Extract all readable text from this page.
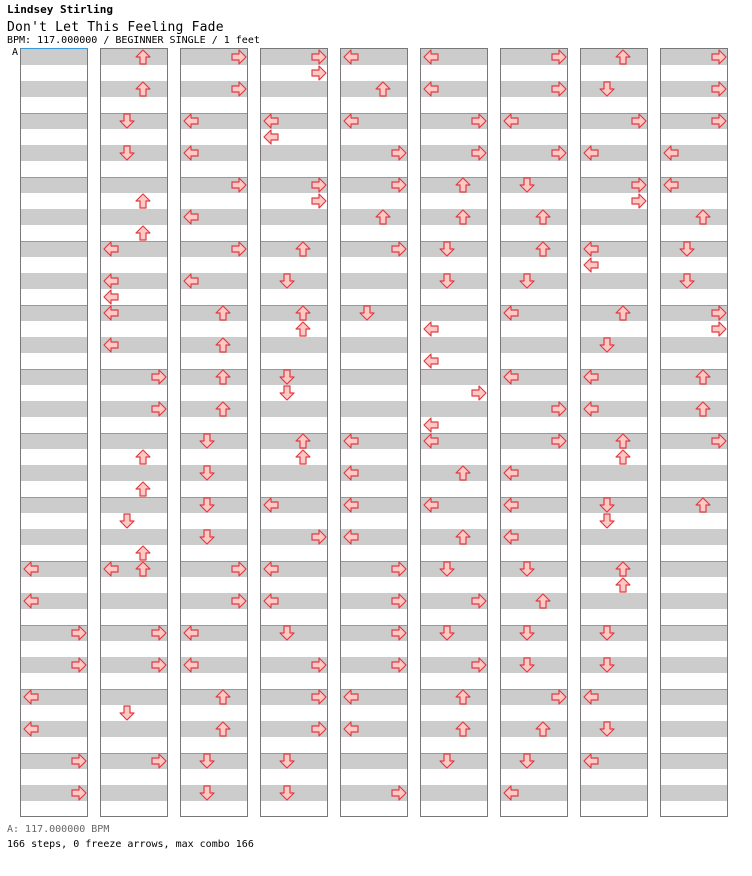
Lindsey Stirling
Don't Let This Feeling Fade
BPM: 117.000000 / BEGINNER SINGLE / 1 feet
A
A: 117.000000 BPM
166 steps, 0 freeze arrows, max combo 166
